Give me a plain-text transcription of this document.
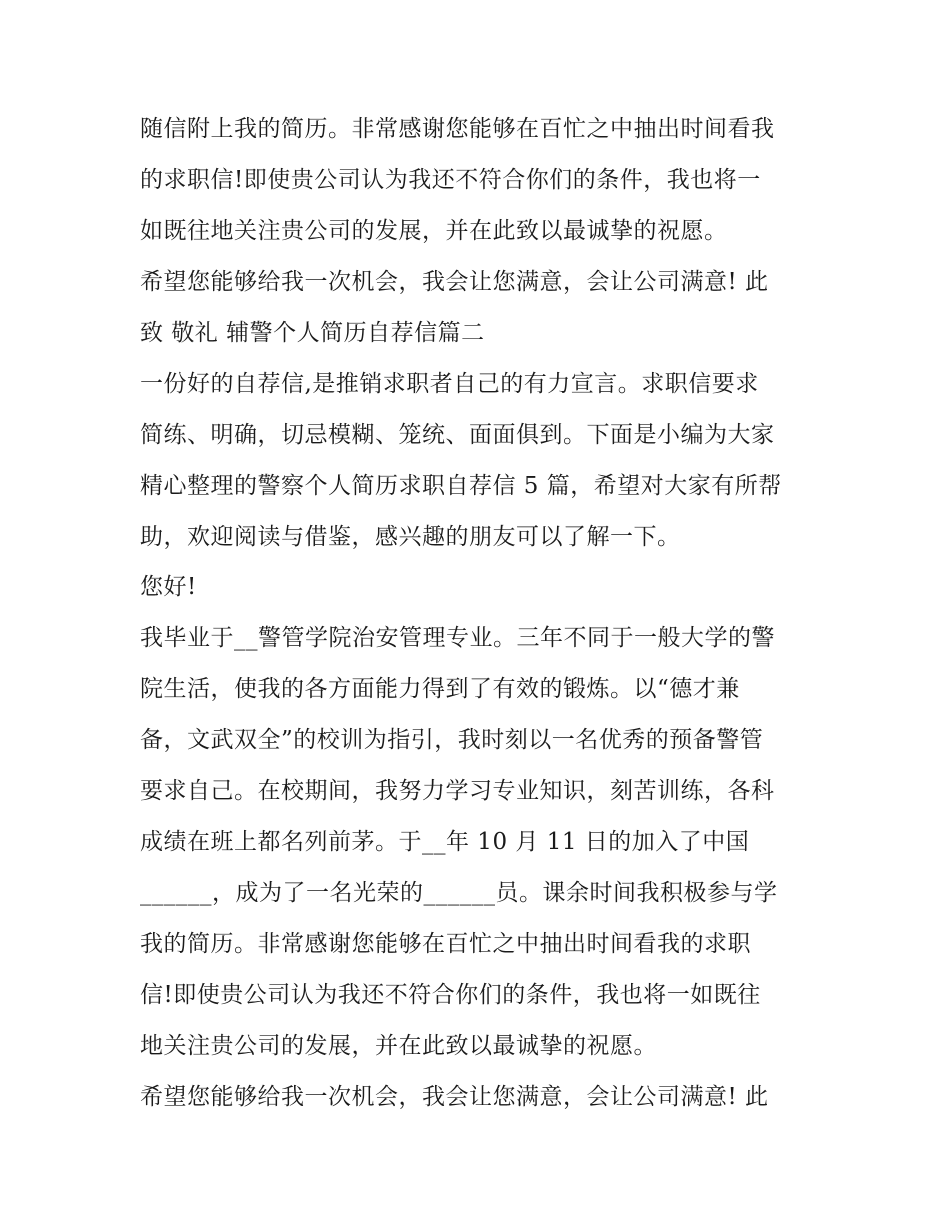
随信附上我的简历。非常感谢您能够在百忙之中抽出时间看我

的求职信!即使贵公司认为我还不符合你们的条件，我也将一

如既往地关注贵公司的发展，并在此致以最诚挚的祝愿。

希望您能够给我一次机会，我会让您满意，会让公司满意! 此

致 敬礼 辅警个人简历自荐信篇二

一份好的自荐信,是推销求职者自己的有力宣言。求职信要求

简练、明确，切忌模糊、笼统、面面俱到。下面是小编为大家

精心整理的警察个人简历求职自荐信 5 篇，希望对大家有所帮

助，欢迎阅读与借鉴，感兴趣的朋友可以了解一下。

您好!

我毕业于__警管学院治安管理专业。三年不同于一般大学的警

院生活，使我的各方面能力得到了有效的锻炼。以“德才兼

备，文武双全”的校训为指引，我时刻以一名优秀的预备警管

要求自己。在校期间，我努力学习专业知识，刻苦训练，各科

成绩在班上都名列前茅。于__年 10 月 11 日的加入了中国

______，成为了一名光荣的______员。课余时间我积极参与学

我的简历。非常感谢您能够在百忙之中抽出时间看我的求职

信!即使贵公司认为我还不符合你们的条件，我也将一如既往

地关注贵公司的发展，并在此致以最诚挚的祝愿。

希望您能够给我一次机会，我会让您满意，会让公司满意! 此
